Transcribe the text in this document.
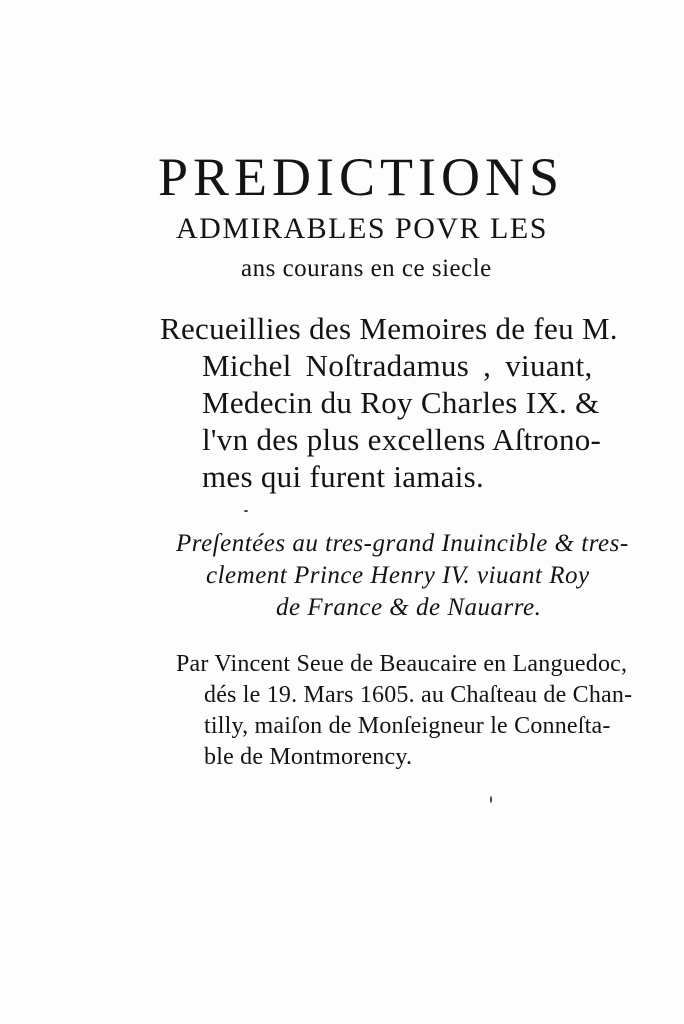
PREDICTIONS
ADMIRABLES POVR LES
ans courans en ce siecle
Recueillies des Memoires de feu M.
Michel Noſtradamus , viuant,
Medecin du Roy Charles IX. &
l'vn des plus excellens Aſtrono-
mes qui furent iamais.
Preſentées au tres-grand Inuincible & tres-
clement Prince Henry IV. viuant Roy
de France & de Nauarre.
Par Vincent Seue de Beaucaire en Languedoc,
dés le 19. Mars 1605. au Chaſteau de Chan-
tilly, maiſon de Monſeigneur le Conneſta-
ble de Montmorency.
